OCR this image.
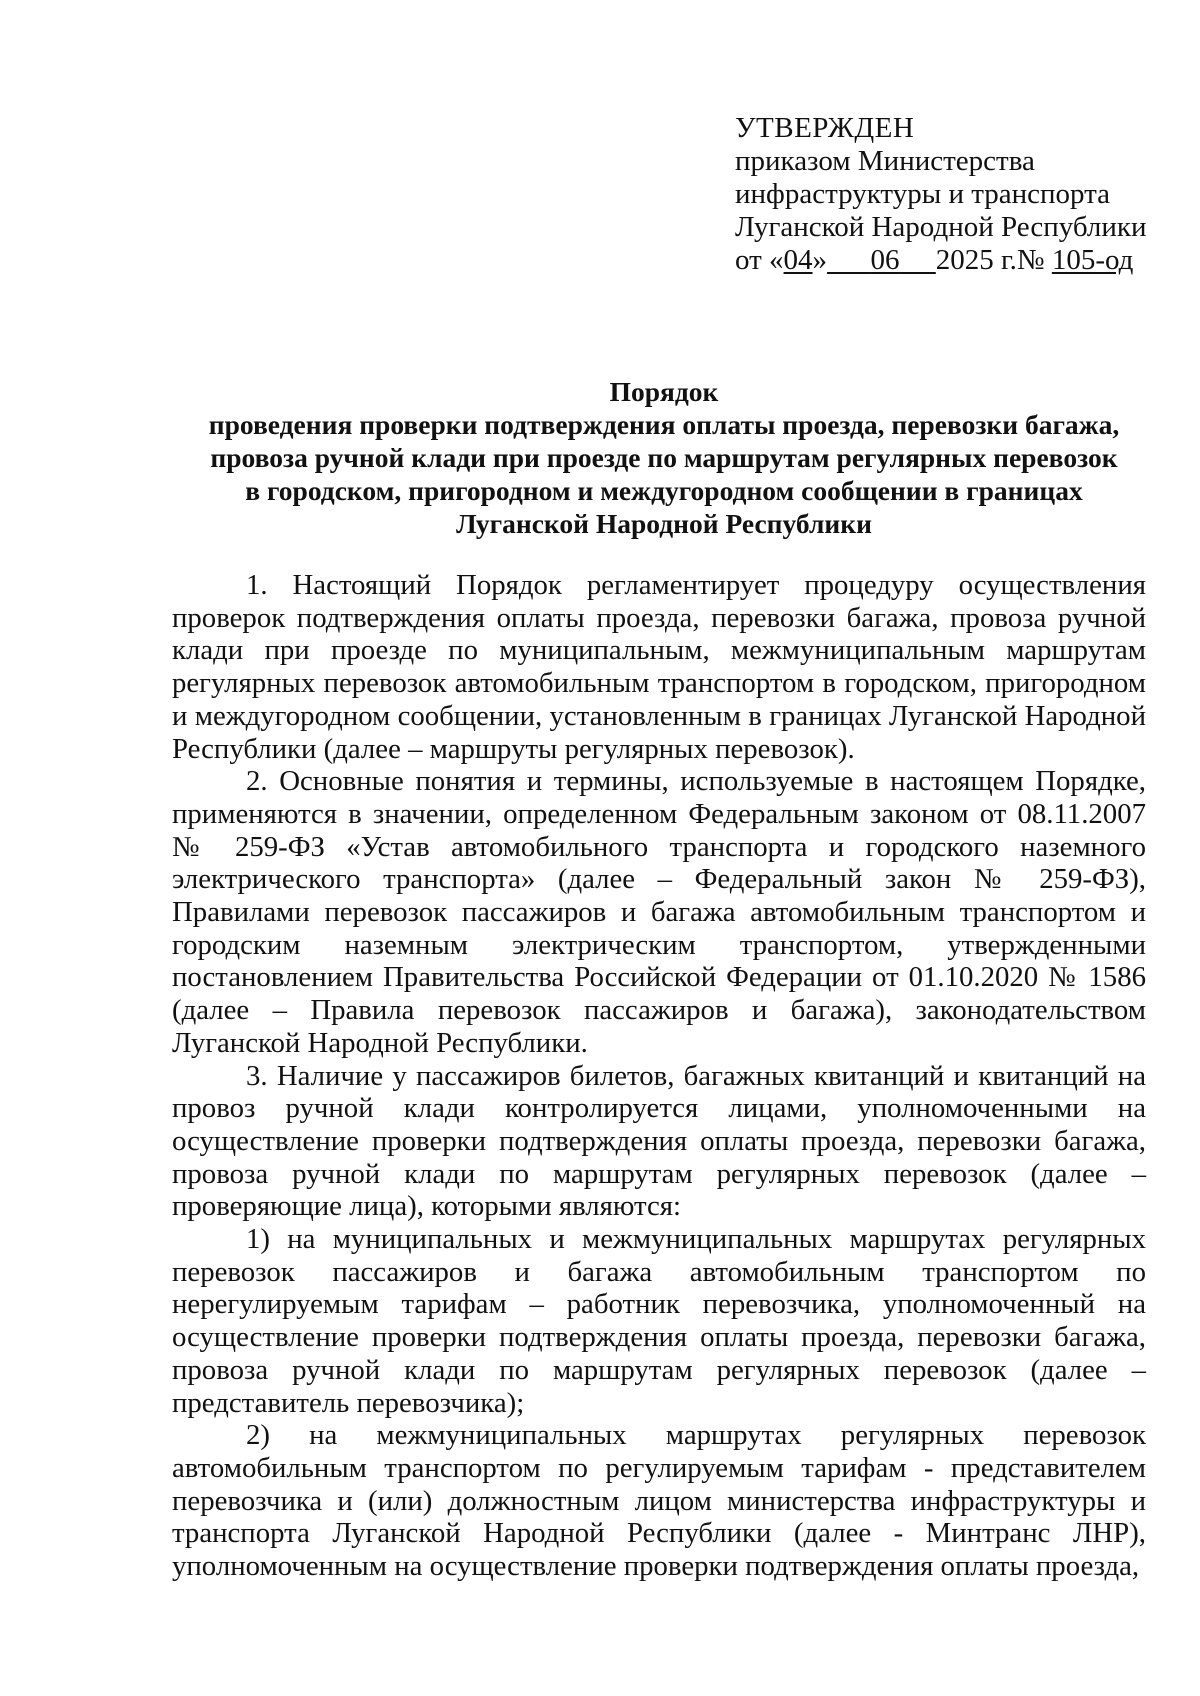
УТВЕРЖДЕН
приказом Министерства
инфраструктуры и транспорта
Луганской Народной Республики
от «04» 06 2025 г.№ 105-од
Порядок
проведения проверки подтверждения оплаты проезда, перевозки багажа,
провоза ручной клади при проезде по маршрутам регулярных перевозок
в городском, пригородном и междугородном сообщении в границах
Луганской Народной Республики

1. Настоящий Порядок регламентирует процедуру осуществления проверок подтверждения оплаты проезда, перевозки багажа, провоза ручной клади при проезде по муниципальным, межмуниципальным маршрутам регулярных перевозок автомобильным транспортом в городском, пригородном и междугородном сообщении, установленным в границах Луганской Народной Республики (далее – маршруты регулярных перевозок).

2. Основные понятия и термины, используемые в настоящем Порядке, применяются в значении, определенном Федеральным законом от 08.11.2007 № 259-ФЗ «Устав автомобильного транспорта и городского наземного электрического транспорта» (далее – Федеральный закон № 259-ФЗ), Правилами перевозок пассажиров и багажа автомобильным транспортом и городским наземным электрическим транспортом, утвержденными постановлением Правительства Российской Федерации от 01.10.2020 № 1586 (далее – Правила перевозок пассажиров и багажа), законодательством Луганской Народной Республики.

3. Наличие у пассажиров билетов, багажных квитанций и квитанций на провоз ручной клади контролируется лицами, уполномоченными на осуществление проверки подтверждения оплаты проезда, перевозки багажа, провоза ручной клади по маршрутам регулярных перевозок (далее – проверяющие лица), которыми являются:

1) на муниципальных и межмуниципальных маршрутах регулярных перевозок пассажиров и багажа автомобильным транспортом по нерегулируемым тарифам – работник перевозчика, уполномоченный на осуществление проверки подтверждения оплаты проезда, перевозки багажа, провоза ручной клади по маршрутам регулярных перевозок (далее – представитель перевозчика);

2) на межмуниципальных маршрутах регулярных перевозок автомобильным транспортом по регулируемым тарифам - представителем перевозчика и (или) должностным лицом министерства инфраструктуры и транспорта Луганской Народной Республики (далее - Минтранс ЛНР), уполномоченным на осуществление проверки подтверждения оплаты проезда,
